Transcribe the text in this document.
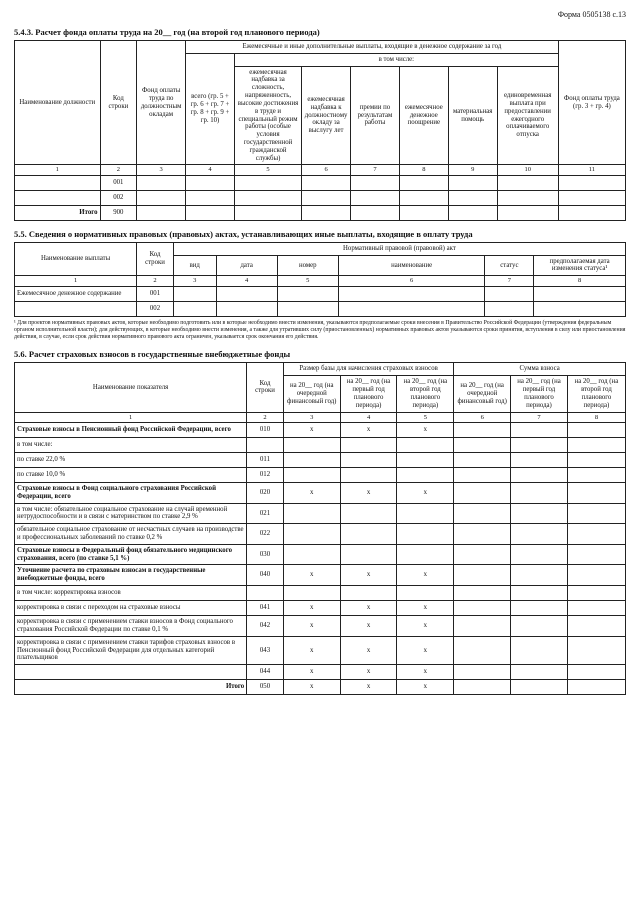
Форма 0505138 с.13
5.4.3. Расчет фонда оплаты труда на 20__ год (на второй год планового периода)
Наименование должности	Код строки	Фонд оплаты труда по должностным окладам	Ежемесячные и иные дополнительные выплаты, входящие в денежное содержание за год							Фонд оплаты труда (гр. 3 + гр. 4)
			всего (гр. 5 + гр. 6 + гр. 7 + гр. 8 + гр. 9 + гр. 10)	в том числе:						
				ежемесячная надбавка за сложность, напряженность, высокие достижения в труде и специальный режим работы (особые условия государственной гражданской службы)	ежемесячная надбавка к должностному окладу за выслугу лет	премии по результатам работы	ежемесячное денежное поощрение	материальная помощь	единовременная выплата при предоставлении ежегодного оплачиваемого отпуска	
1	2	3	4	5	6	7	8	9	10	11
	001									
	002									
Итого	900									
5.5. Сведения о нормативных правовых (правовых) актах, устанавливающих иные выплаты, входящие в оплату труда
Наименование выплаты	Код строки	Нормативный правовой (правовой) акт					
		вид	дата	номер	наименование	статус	предполагаемая дата изменения статуса¹
1	2	3	4	5	6	7	8
Ежемесячное денежное содержание	001						
	002						
¹ Для проектов нормативных правовых актов, которые необходимо подготовить или в которые необходимо внести изменения, указываются предполагаемые сроки внесения в Правительство Российской Федерации (утверждения федеральным органом исполнительной власти); для действующих, в которые необходимо внести изменения, а также для утративших силу (приостановленных) нормативных правовых актов указываются сроки принятия, вступления в силу или приостановления действия, в случае, если срок действия нормативного правового акта ограничен, указывается срок окончания его действия.
5.6. Расчет страховых взносов в государственные внебюджетные фонды
Наименование показателя	Код строки	Размер базы для начисления страховых взносов			Сумма взноса		
		на 20__ год (на очередной финансовый год)	на 20__ год (на первый год планового периода)	на 20__ год (на второй год планового периода)	на 20__ год (на очередной финансовый год)	на 20__ год (на первый год планового периода)	на 20__ год (на второй год планового периода)
1	2	3	4	5	6	7	8
Страховые взносы в Пенсионный фонд Российской Федерации, всего	010	x	x	x			
в том числе:							
по ставке 22,0 %	011						
по ставке 10,0 %	012						
Страховые взносы в Фонд социального страхования Российской Федерации, всего	020	x	x	x			
в том числе: обязательное социальное страхование на случай временной нетрудоспособности и в связи с материнством по ставке 2,9 %	021						
обязательное социальное страхование от несчастных случаев на производстве и профессиональных заболеваний по ставке 0,2 %	022						
Страховые взносы в Федеральный фонд обязательного медицинского страхования, всего (по ставке 5,1 %)	030						
Уточнение расчета по страховым взносам в государственные внебюджетные фонды, всего	040	x	x	x			
в том числе: корректировка взносов							
корректировка в связи с переходом на страховые взносы	041	x	x	x			
корректировка в связи с применением ставки взносов в Фонд социального страхования Российской Федерации по ставке 0,1 %	042	x	x	x			
корректировка в связи с применением ставки тарифов страховых взносов в Пенсионный фонд Российской Федерации для отдельных категорий плательщиков	043	x	x	x			
	044	x	x	x			
Итого	050	x	x	x			
